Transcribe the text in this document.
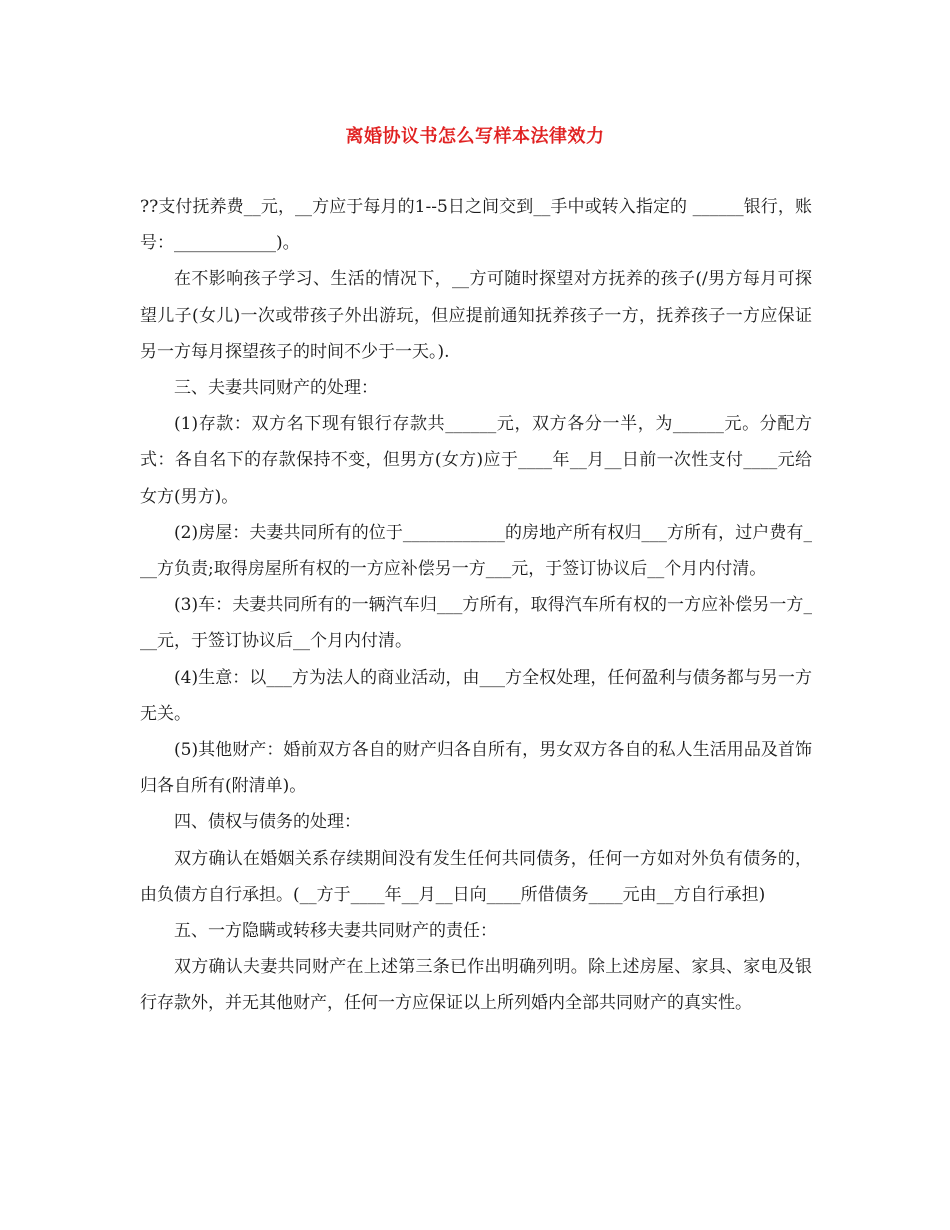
离婚协议书怎么写样本法律效力

??支付抚养费__元，__方应于每月的1--5日之间交到__手中或转入指定的 ______银行，账号：____________)。

在不影响孩子学习、生活的情况下，__方可随时探望对方抚养的孩子(/男方每月可探望儿子(女儿)一次或带孩子外出游玩，但应提前通知抚养孩子一方，抚养孩子一方应保证另一方每月探望孩子的时间不少于一天。).

三、夫妻共同财产的处理：

(1)存款：双方名下现有银行存款共______元，双方各分一半，为______元。分配方式：各自名下的存款保持不变，但男方(女方)应于____年__月__日前一次性支付____元给女方(男方)。

(2)房屋：夫妻共同所有的位于____________的房地产所有权归___方所有，过户费有___方负责;取得房屋所有权的一方应补偿另一方___元，于签订协议后__个月内付清。

(3)车：夫妻共同所有的一辆汽车归___方所有，取得汽车所有权的一方应补偿另一方___元，于签订协议后__个月内付清。

(4)生意：以___方为法人的商业活动，由___方全权处理，任何盈利与债务都与另一方无关。

(5)其他财产：婚前双方各自的财产归各自所有，男女双方各自的私人生活用品及首饰归各自所有(附清单)。

四、债权与债务的处理：

双方确认在婚姻关系存续期间没有发生任何共同债务，任何一方如对外负有债务的，由负债方自行承担。(__方于____年__月__日向____所借债务____元由__方自行承担)

五、一方隐瞒或转移夫妻共同财产的责任：

双方确认夫妻共同财产在上述第三条已作出明确列明。除上述房屋、家具、家电及银行存款外，并无其他财产，任何一方应保证以上所列婚内全部共同财产的真实性。
